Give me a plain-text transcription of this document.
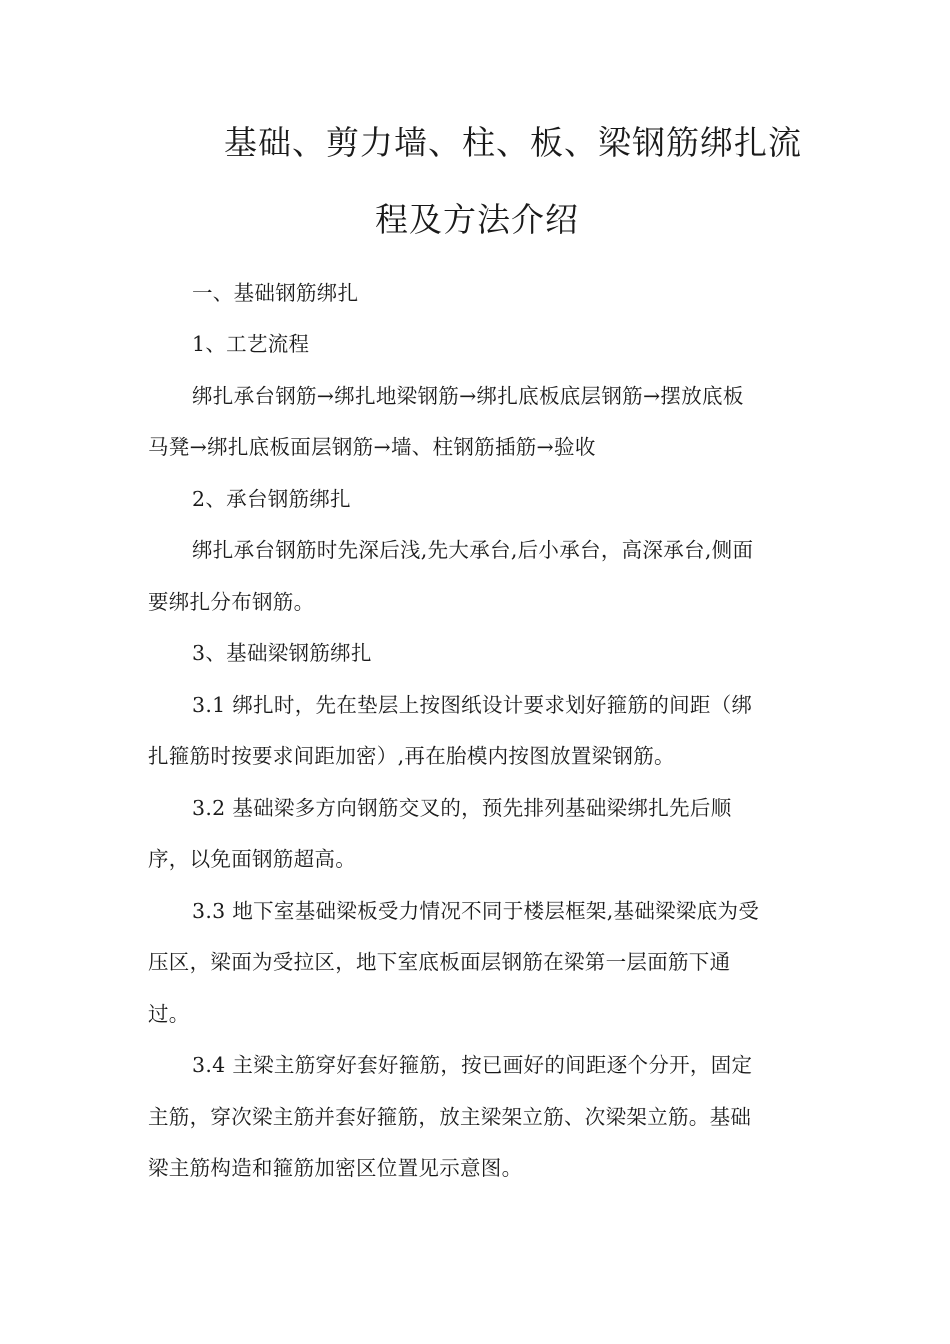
基础、剪力墙、柱、板、梁钢筋绑扎流
程及方法介绍
一、基础钢筋绑扎
1、工艺流程
绑扎承台钢筋→绑扎地梁钢筋→绑扎底板底层钢筋→摆放底板
马凳→绑扎底板面层钢筋→墙、柱钢筋插筋→验收
2、承台钢筋绑扎
绑扎承台钢筋时先深后浅,先大承台,后小承台，高深承台,侧面
要绑扎分布钢筋。
3、基础梁钢筋绑扎
3.1 绑扎时，先在垫层上按图纸设计要求划好箍筋的间距（绑
扎箍筋时按要求间距加密）,再在胎模内按图放置梁钢筋。
3.2 基础梁多方向钢筋交叉的，预先排列基础梁绑扎先后顺
序，以免面钢筋超高。
3.3 地下室基础梁板受力情况不同于楼层框架,基础梁梁底为受
压区，梁面为受拉区，地下室底板面层钢筋在梁第一层面筋下通
过。
3.4 主梁主筋穿好套好箍筋，按已画好的间距逐个分开，固定
主筋，穿次梁主筋并套好箍筋，放主梁架立筋、次梁架立筋。基础
梁主筋构造和箍筋加密区位置见示意图。
